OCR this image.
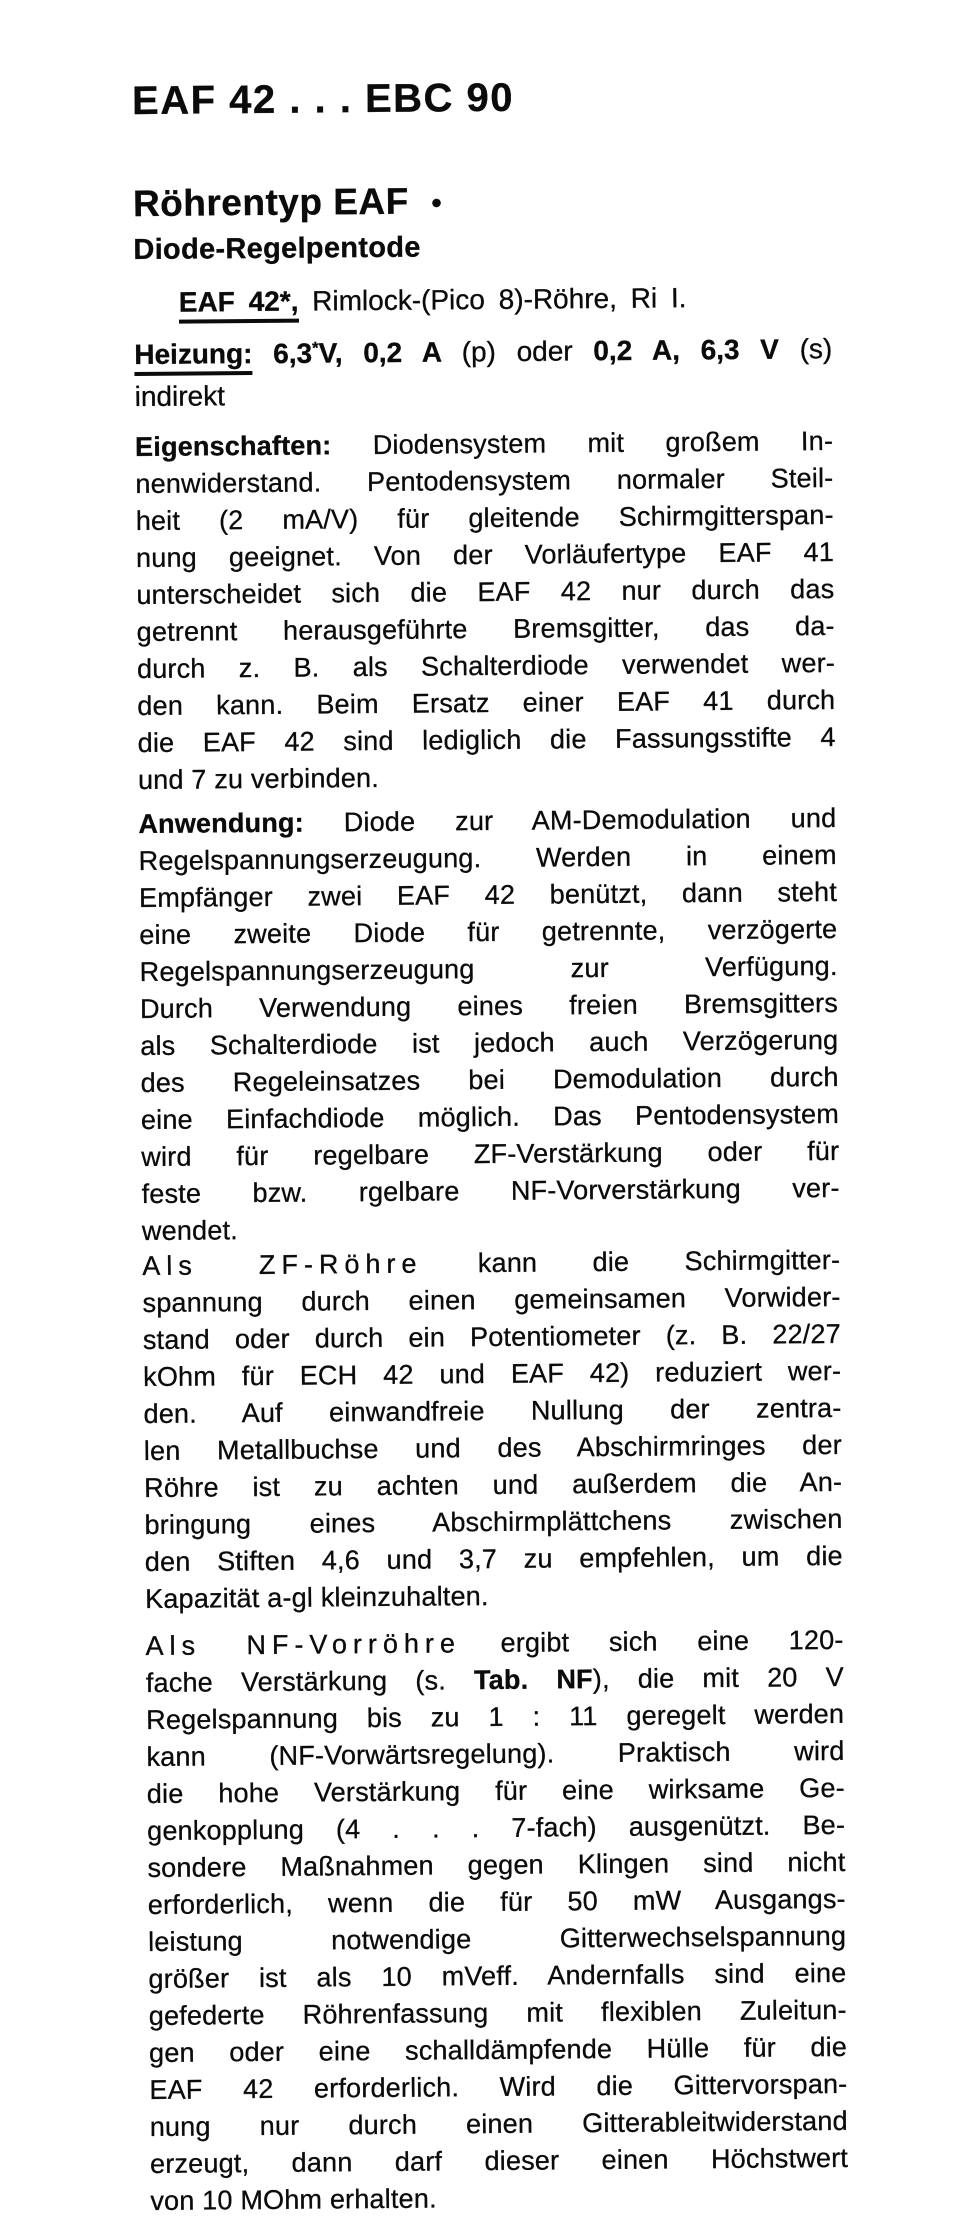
EAF 42 . . . EBC 90
Röhrentyp EAF ●
Diode-Regelpentode
EAF 42*, Rimlock-(Pico 8)-Röhre, Ri I.
Heizung: 6,3*V, 0,2 A (p) oder 0,2 A, 6,3 V (s)
indirekt
Eigenschaften: Diodensystem mit großem In-
nenwiderstand. Pentodensystem normaler Steil-
heit (2 mA/V) für gleitende Schirmgitterspan-
nung geeignet. Von der Vorläufertype EAF 41
unterscheidet sich die EAF 42 nur durch das
getrennt herausgeführte Bremsgitter, das da-
durch z. B. als Schalterdiode verwendet wer-
den kann. Beim Ersatz einer EAF 41 durch
die EAF 42 sind lediglich die Fassungsstifte 4
und 7 zu verbinden.
Anwendung: Diode zur AM-Demodulation und
Regelspannungserzeugung. Werden in einem
Empfänger zwei EAF 42 benützt, dann steht
eine zweite Diode für getrennte, verzögerte
Regelspannungserzeugung zur Verfügung.
Durch Verwendung eines freien Bremsgitters
als Schalterdiode ist jedoch auch Verzögerung
des Regeleinsatzes bei Demodulation durch
eine Einfachdiode möglich. Das Pentodensystem
wird für regelbare ZF-Verstärkung oder für
feste bzw. rgelbare NF-Vorverstärkung ver-
wendet.
Als ZF-Röhre kann die Schirmgitter-
spannung durch einen gemeinsamen Vorwider-
stand oder durch ein Potentiometer (z. B. 22/27
kOhm für ECH 42 und EAF 42) reduziert wer-
den. Auf einwandfreie Nullung der zentra-
len Metallbuchse und des Abschirmringes der
Röhre ist zu achten und außerdem die An-
bringung eines Abschirmplättchens zwischen
den Stiften 4,6 und 3,7 zu empfehlen, um die
Kapazität a-gl kleinzuhalten.
Als NF-Vorröhre ergibt sich eine 120-
fache Verstärkung (s. Tab. NF), die mit 20 V
Regelspannung bis zu 1 : 11 geregelt werden
kann (NF-Vorwärtsregelung). Praktisch wird
die hohe Verstärkung für eine wirksame Ge-
genkopplung (4 . . . 7-fach) ausgenützt. Be-
sondere Maßnahmen gegen Klingen sind nicht
erforderlich, wenn die für 50 mW Ausgangs-
leistung notwendige Gitterwechselspannung
größer ist als 10 mVeff. Andernfalls sind eine
gefederte Röhrenfassung mit flexiblen Zuleitun-
gen oder eine schalldämpfende Hülle für die
EAF 42 erforderlich. Wird die Gittervorspan-
nung nur durch einen Gitterableitwiderstand
erzeugt, dann darf dieser einen Höchstwert
von 10 MOhm erhalten.
